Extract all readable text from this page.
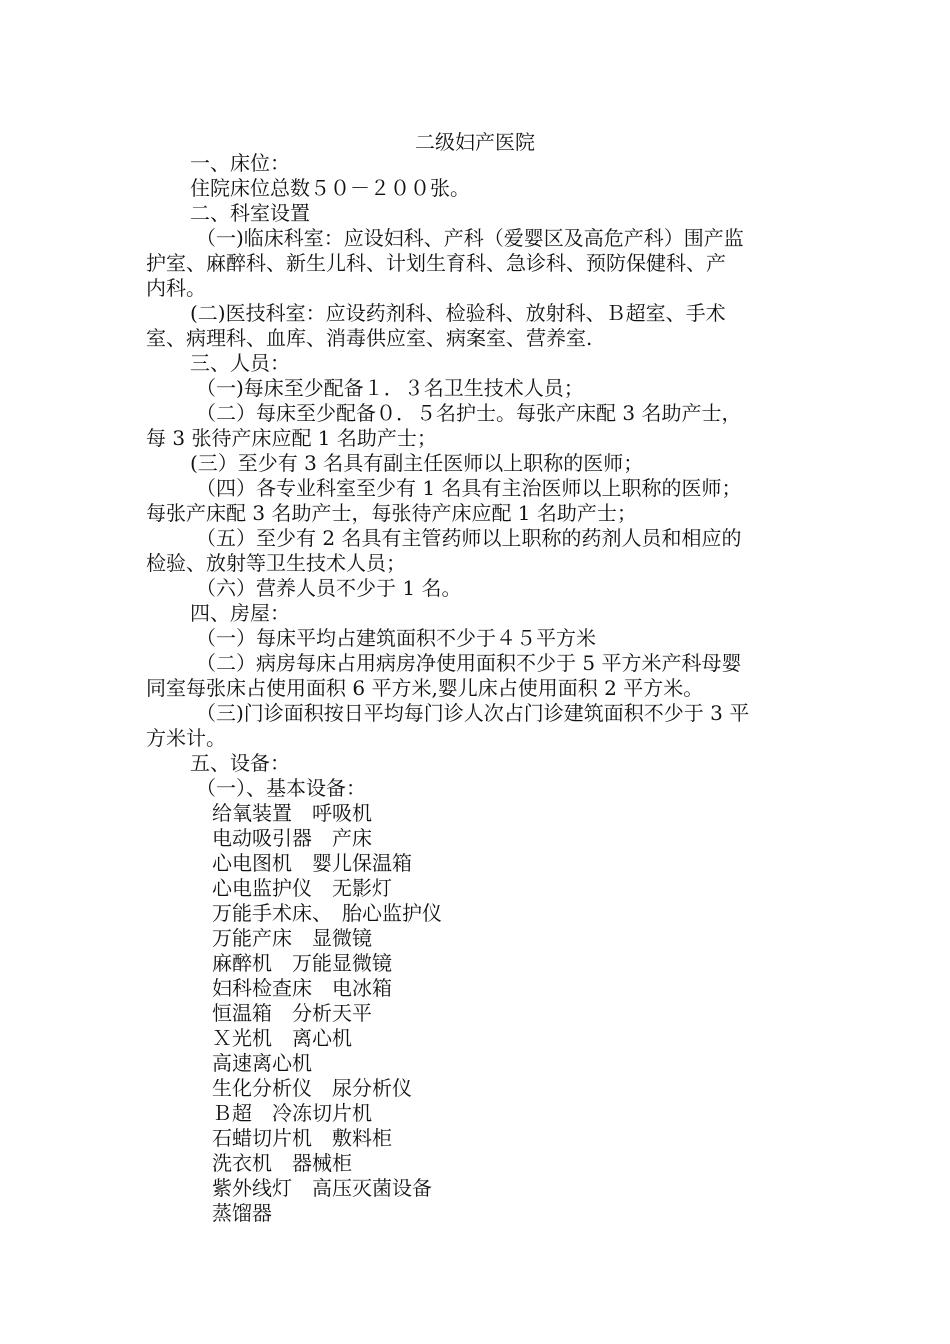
二级妇产医院
一、床位：
住院床位总数５０－２００张。
二、科室设置
（一)临床科室：应设妇科、产科（爱婴区及高危产科）围产监
护室、麻醉科、新生儿科、计划生育科、急诊科、预防保健科、产
内科。
(二)医技科室：应设药剂科、检验科、放射科、Ｂ超室、手术
室、病理科、血库、消毒供应室、病案室、营养室.
三、人员：
（一)每床至少配备１．３名卫生技术人员；
（二）每床至少配备０．５名护士。每张产床配 3 名助产士，
每 3 张待产床应配 1 名助产士；
(三）至少有 3 名具有副主任医师以上职称的医师；
（四）各专业科室至少有 1 名具有主治医师以上职称的医师；
每张产床配 3 名助产士，每张待产床应配 1 名助产士；
（五）至少有 2 名具有主管药师以上职称的药剂人员和相应的
检验、放射等卫生技术人员；
（六）营养人员不少于 1 名。
四、房屋：
（一）每床平均占建筑面积不少于４５平方米
（二）病房每床占用病房净使用面积不少于 5 平方米产科母婴
同室每张床占使用面积 6 平方米,婴儿床占使用面积 2 平方米。
（三)门诊面积按日平均每门诊人次占门诊建筑面积不少于 3 平
方米计。
五、设备：
（一）、基本设备：
给氧装置　呼吸机
电动吸引器　产床
心电图机　婴儿保温箱
心电监护仪　无影灯
万能手术床、　胎心监护仪
万能产床　显微镜
麻醉机　万能显微镜
妇科检查床　电冰箱
恒温箱　分析天平
Ｘ光机　离心机
高速离心机
生化分析仪　尿分析仪
Ｂ超　冷冻切片机
石蜡切片机　敷料柜
洗衣机　器械柜
紫外线灯　高压灭菌设备
蒸馏器
